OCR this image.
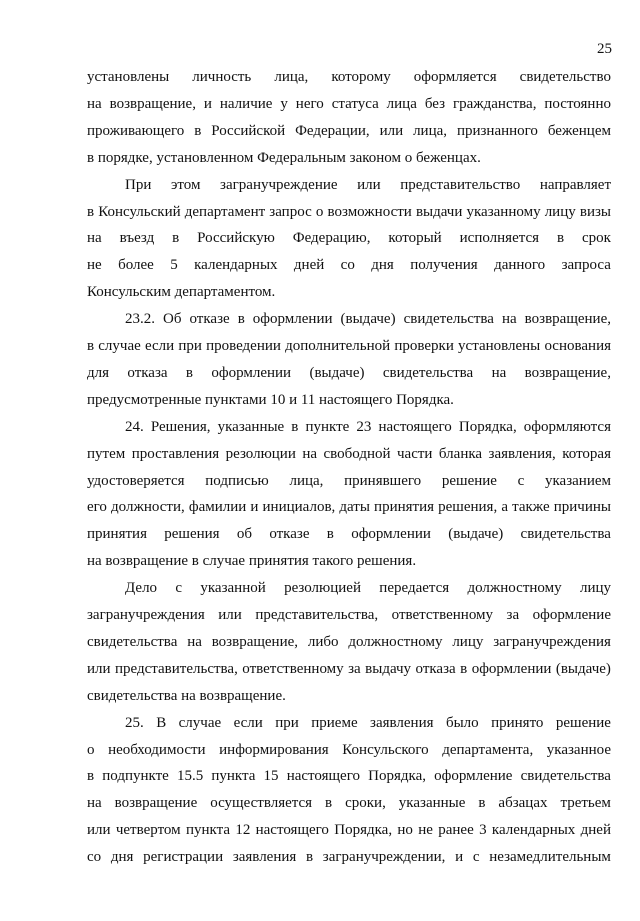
25
установлены личность лица, которому оформляется свидетельство
на возвращение, и наличие у него статуса лица без гражданства, постоянно
проживающего в Российской Федерации, или лица, признанного беженцем
в порядке, установленном Федеральным законом о беженцах.
При этом загранучреждение или представительство направляет
в Консульский департамент запрос о возможности выдачи указанному лицу визы
на въезд в Российскую Федерацию, который исполняется в срок
не более 5 календарных дней со дня получения данного запроса
Консульским департаментом.
23.2. Об отказе в оформлении (выдаче) свидетельства на возвращение,
в случае если при проведении дополнительной проверки установлены основания
для отказа в оформлении (выдаче) свидетельства на возвращение,
предусмотренные пунктами 10 и 11 настоящего Порядка.
24. Решения, указанные в пункте 23 настоящего Порядка, оформляются
путем проставления резолюции на свободной части бланка заявления, которая
удостоверяется подписью лица, принявшего решение с указанием
его должности, фамилии и инициалов, даты принятия решения, а также причины
принятия решения об отказе в оформлении (выдаче) свидетельства
на возвращение в случае принятия такого решения.
Дело с указанной резолюцией передается должностному лицу
загранучреждения или представительства, ответственному за оформление
свидетельства на возвращение, либо должностному лицу загранучреждения
или представительства, ответственному за выдачу отказа в оформлении (выдаче)
свидетельства на возвращение.
25. В случае если при приеме заявления было принято решение
о необходимости информирования Консульского департамента, указанное
в подпункте 15.5 пункта 15 настоящего Порядка, оформление свидетельства
на возвращение осуществляется в сроки, указанные в абзацах третьем
или четвертом пункта 12 настоящего Порядка, но не ранее 3 календарных дней
со дня регистрации заявления в загранучреждении, и с незамедлительным
